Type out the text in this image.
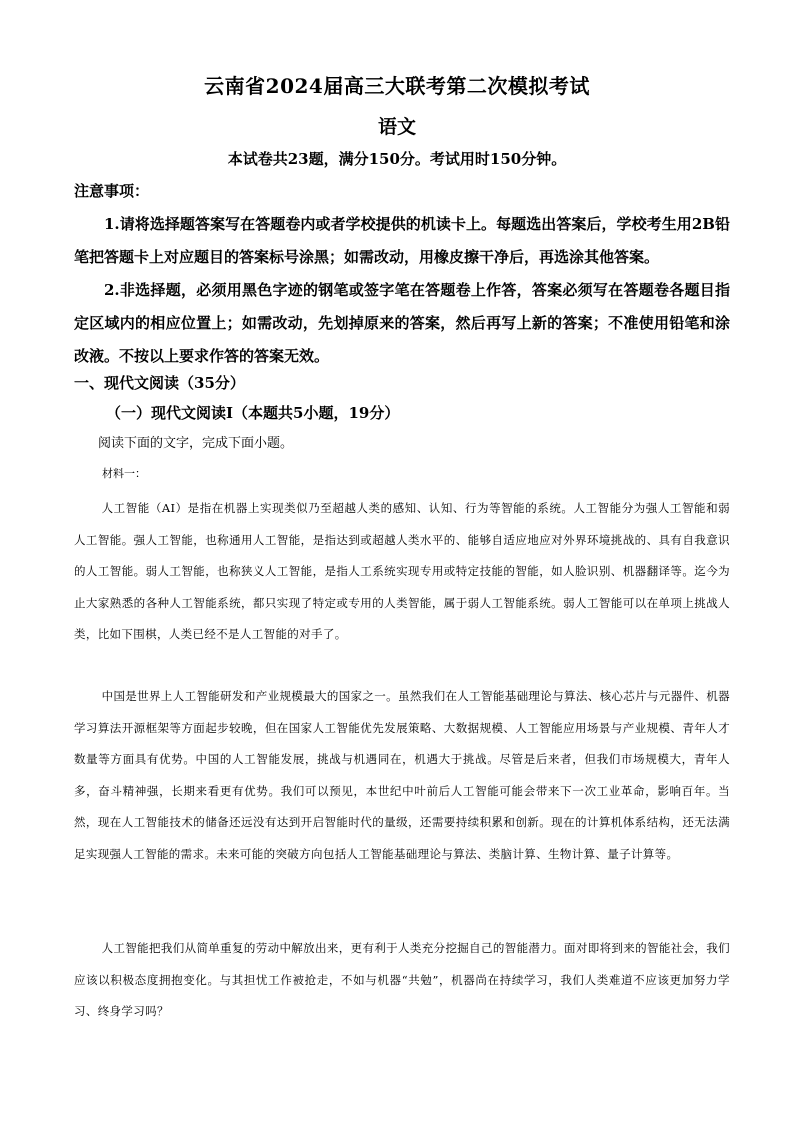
云南省2024届高三大联考第二次模拟考试
语文
本试卷共23题，满分150分。考试用时150分钟。
注意事项：

1.请将选择题答案写在答题卷内或者学校提供的机读卡上。每题选出答案后，学校考生用2B铅笔把答题卡上对应题目的答案标号涂黑；如需改动，用橡皮擦干净后，再选涂其他答案。

2.非选择题，必须用黑色字迹的钢笔或签字笔在答题卷上作答，答案必须写在答题卷各题目指定区域内的相应位置上；如需改动，先划掉原来的答案，然后再写上新的答案；不准使用铅笔和涂改液。不按以上要求作答的答案无效。

一、现代文阅读（35分）
（一）现代文阅读Ⅰ（本题共5小题，19分）
阅读下面的文字，完成下面小题。
材料一：

人工智能（AI）是指在机器上实现类似乃至超越人类的感知、认知、行为等智能的系统。人工智能分为强人工智能和弱人工智能。强人工智能，也称通用人工智能，是指达到或超越人类水平的、能够自适应地应对外界环境挑战的、具有自我意识的人工智能。弱人工智能，也称狭义人工智能，是指人工系统实现专用或特定技能的智能，如人脸识别、机器翻译等。迄今为止大家熟悉的各种人工智能系统，都只实现了特定或专用的人类智能，属于弱人工智能系统。弱人工智能可以在单项上挑战人类，比如下围棋，人类已经不是人工智能的对手了。

中国是世界上人工智能研发和产业规模最大的国家之一。虽然我们在人工智能基础理论与算法、核心芯片与元器件、机器学习算法开源框架等方面起步较晚，但在国家人工智能优先发展策略、大数据规模、人工智能应用场景与产业规模、青年人才数量等方面具有优势。中国的人工智能发展，挑战与机遇同在，机遇大于挑战。尽管是后来者，但我们市场规模大，青年人多，奋斗精神强，长期来看更有优势。我们可以预见，本世纪中叶前后人工智能可能会带来下一次工业革命，影响百年。当然，现在人工智能技术的储备还远没有达到开启智能时代的量级，还需要持续积累和创新。现在的计算机体系结构，还无法满足实现强人工智能的需求。未来可能的突破方向包括人工智能基础理论与算法、类脑计算、生物计算、量子计算等。

人工智能把我们从简单重复的劳动中解放出来，更有利于人类充分挖掘自己的智能潜力。面对即将到来的智能社会，我们应该以积极态度拥抱变化。与其担忧工作被抢走，不如与机器“共勉”，机器尚在持续学习，我们人类难道不应该更加努力学习、终身学习吗？
